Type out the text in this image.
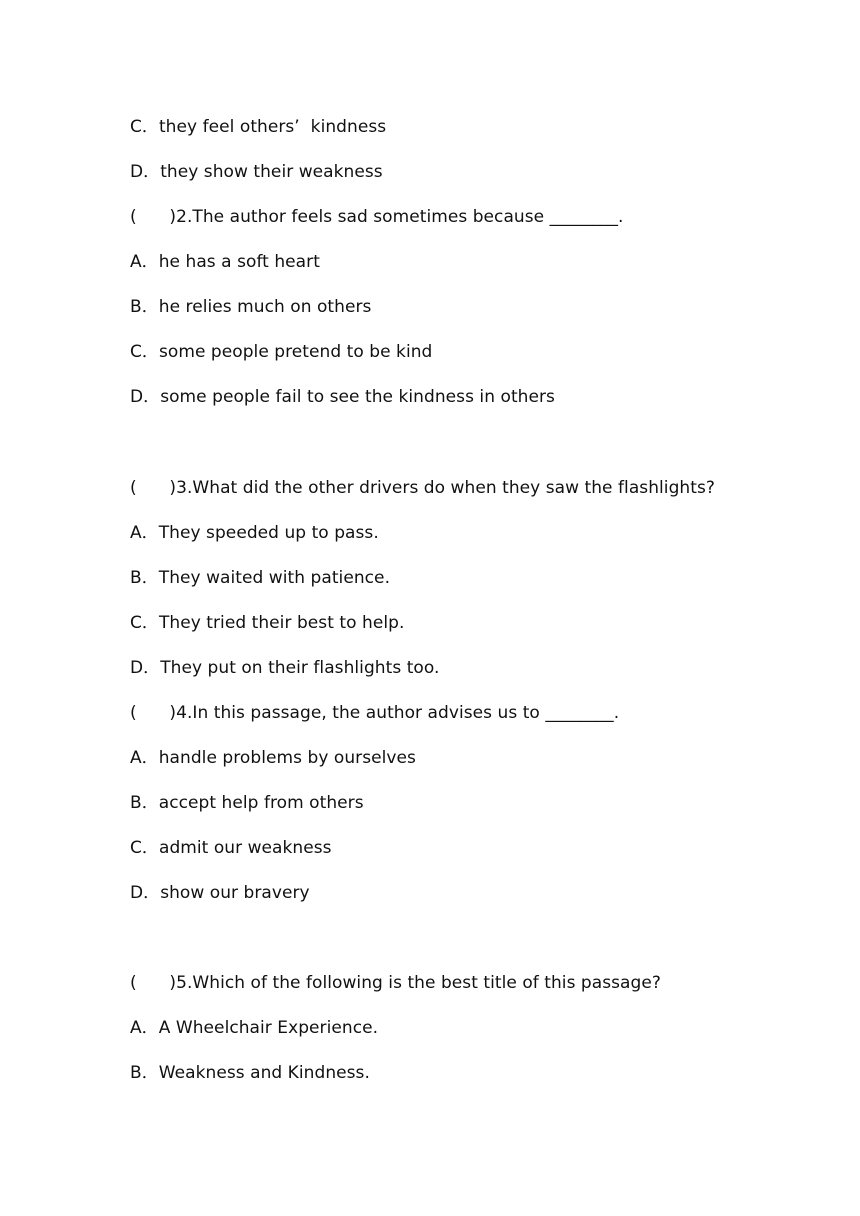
C．they feel others’  kindness
D．they show their weakness
(      )2.The author feels sad sometimes because ________.
A．he has a soft heart
B．he relies much on others
C．some people pretend to be kind
D．some people fail to see the kindness in others
(      )3.What did the other drivers do when they saw the flashlights?
A．They speeded up to pass.
B．They waited with patience.
C．They tried their best to help.
D．They put on their flashlights too.
(      )4.In this passage, the author advises us to ________.
A．handle problems by ourselves
B．accept help from others
C．admit our weakness
D．show our bravery
(      )5.Which of the following is the best title of this passage?
A．A Wheelchair Experience.
B．Weakness and Kindness.
